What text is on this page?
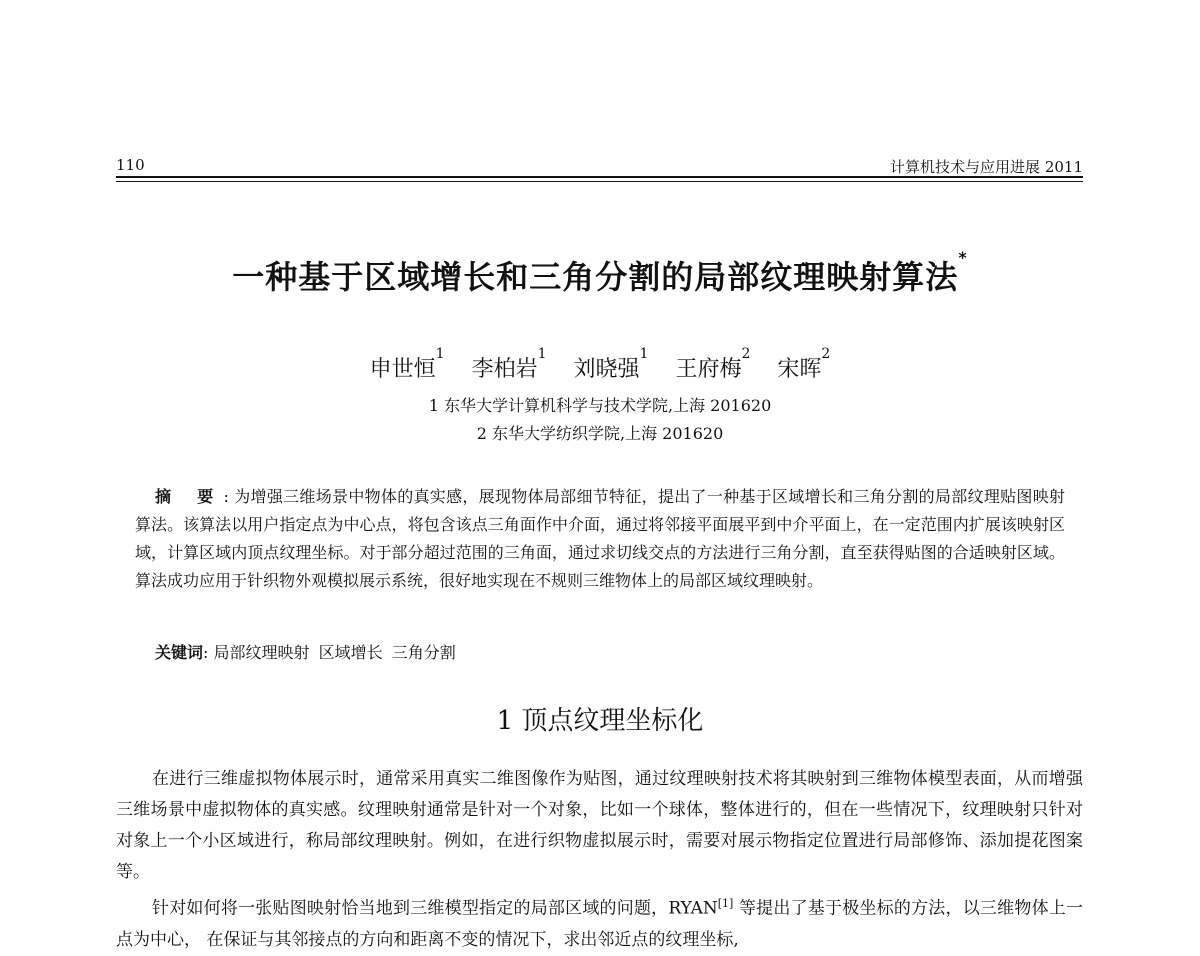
110	计算机技术与应用进展 2011
一种基于区域增长和三角分割的局部纹理映射算法*
申世恒$^1$ 李柏岩$^1$ 刘晓强$^1$ 王府梅$^2$ 宋晖$^2$
1 东华大学计算机科学与技术学院,上海 201620
2 东华大学纺织学院,上海 201620
摘 要: 为增强三维场景中物体的真实感，展现物体局部细节特征，提出了一种基于区域增长和三角分割的局部纹理贴图映射算法。该算法以用户指定点为中心点，将包含该点三角面作中介面，通过将邻接平面展平到中介平面上，在一定范围内扩展该映射区域，计算区域内顶点纹理坐标。对于部分超过范围的三角面，通过求切线交点的方法进行三角分割，直至获得贴图的合适映射区域。算法成功应用于针织物外观模拟展示系统，很好地实现在不规则三维物体上的局部区域纹理映射。
关键词: 局部纹理映射 区域增长 三角分割
1 顶点纹理坐标化

在进行三维虚拟物体展示时，通常采用真实二维图像作为贴图，通过纹理映射技术将其映射到三维物体模型表面，从而增强三维场景中虚拟物体的真实感。纹理映射通常是针对一个对象，比如一个球体，整体进行的，但在一些情况下，纹理映射只针对对象上一个小区域进行，称局部纹理映射。例如，在进行织物虚拟展示时，需要对展示物指定位置进行局部修饰、添加提花图案等。

针对如何将一张贴图映射恰当地到三维模型指定的局部区域的问题，RYAN[1] 等提出了基于极坐标的方法，以三维物体上一点为中心， 在保证与其邻接点的方向和距离不变的情况下，求出邻近点的纹理坐标,
